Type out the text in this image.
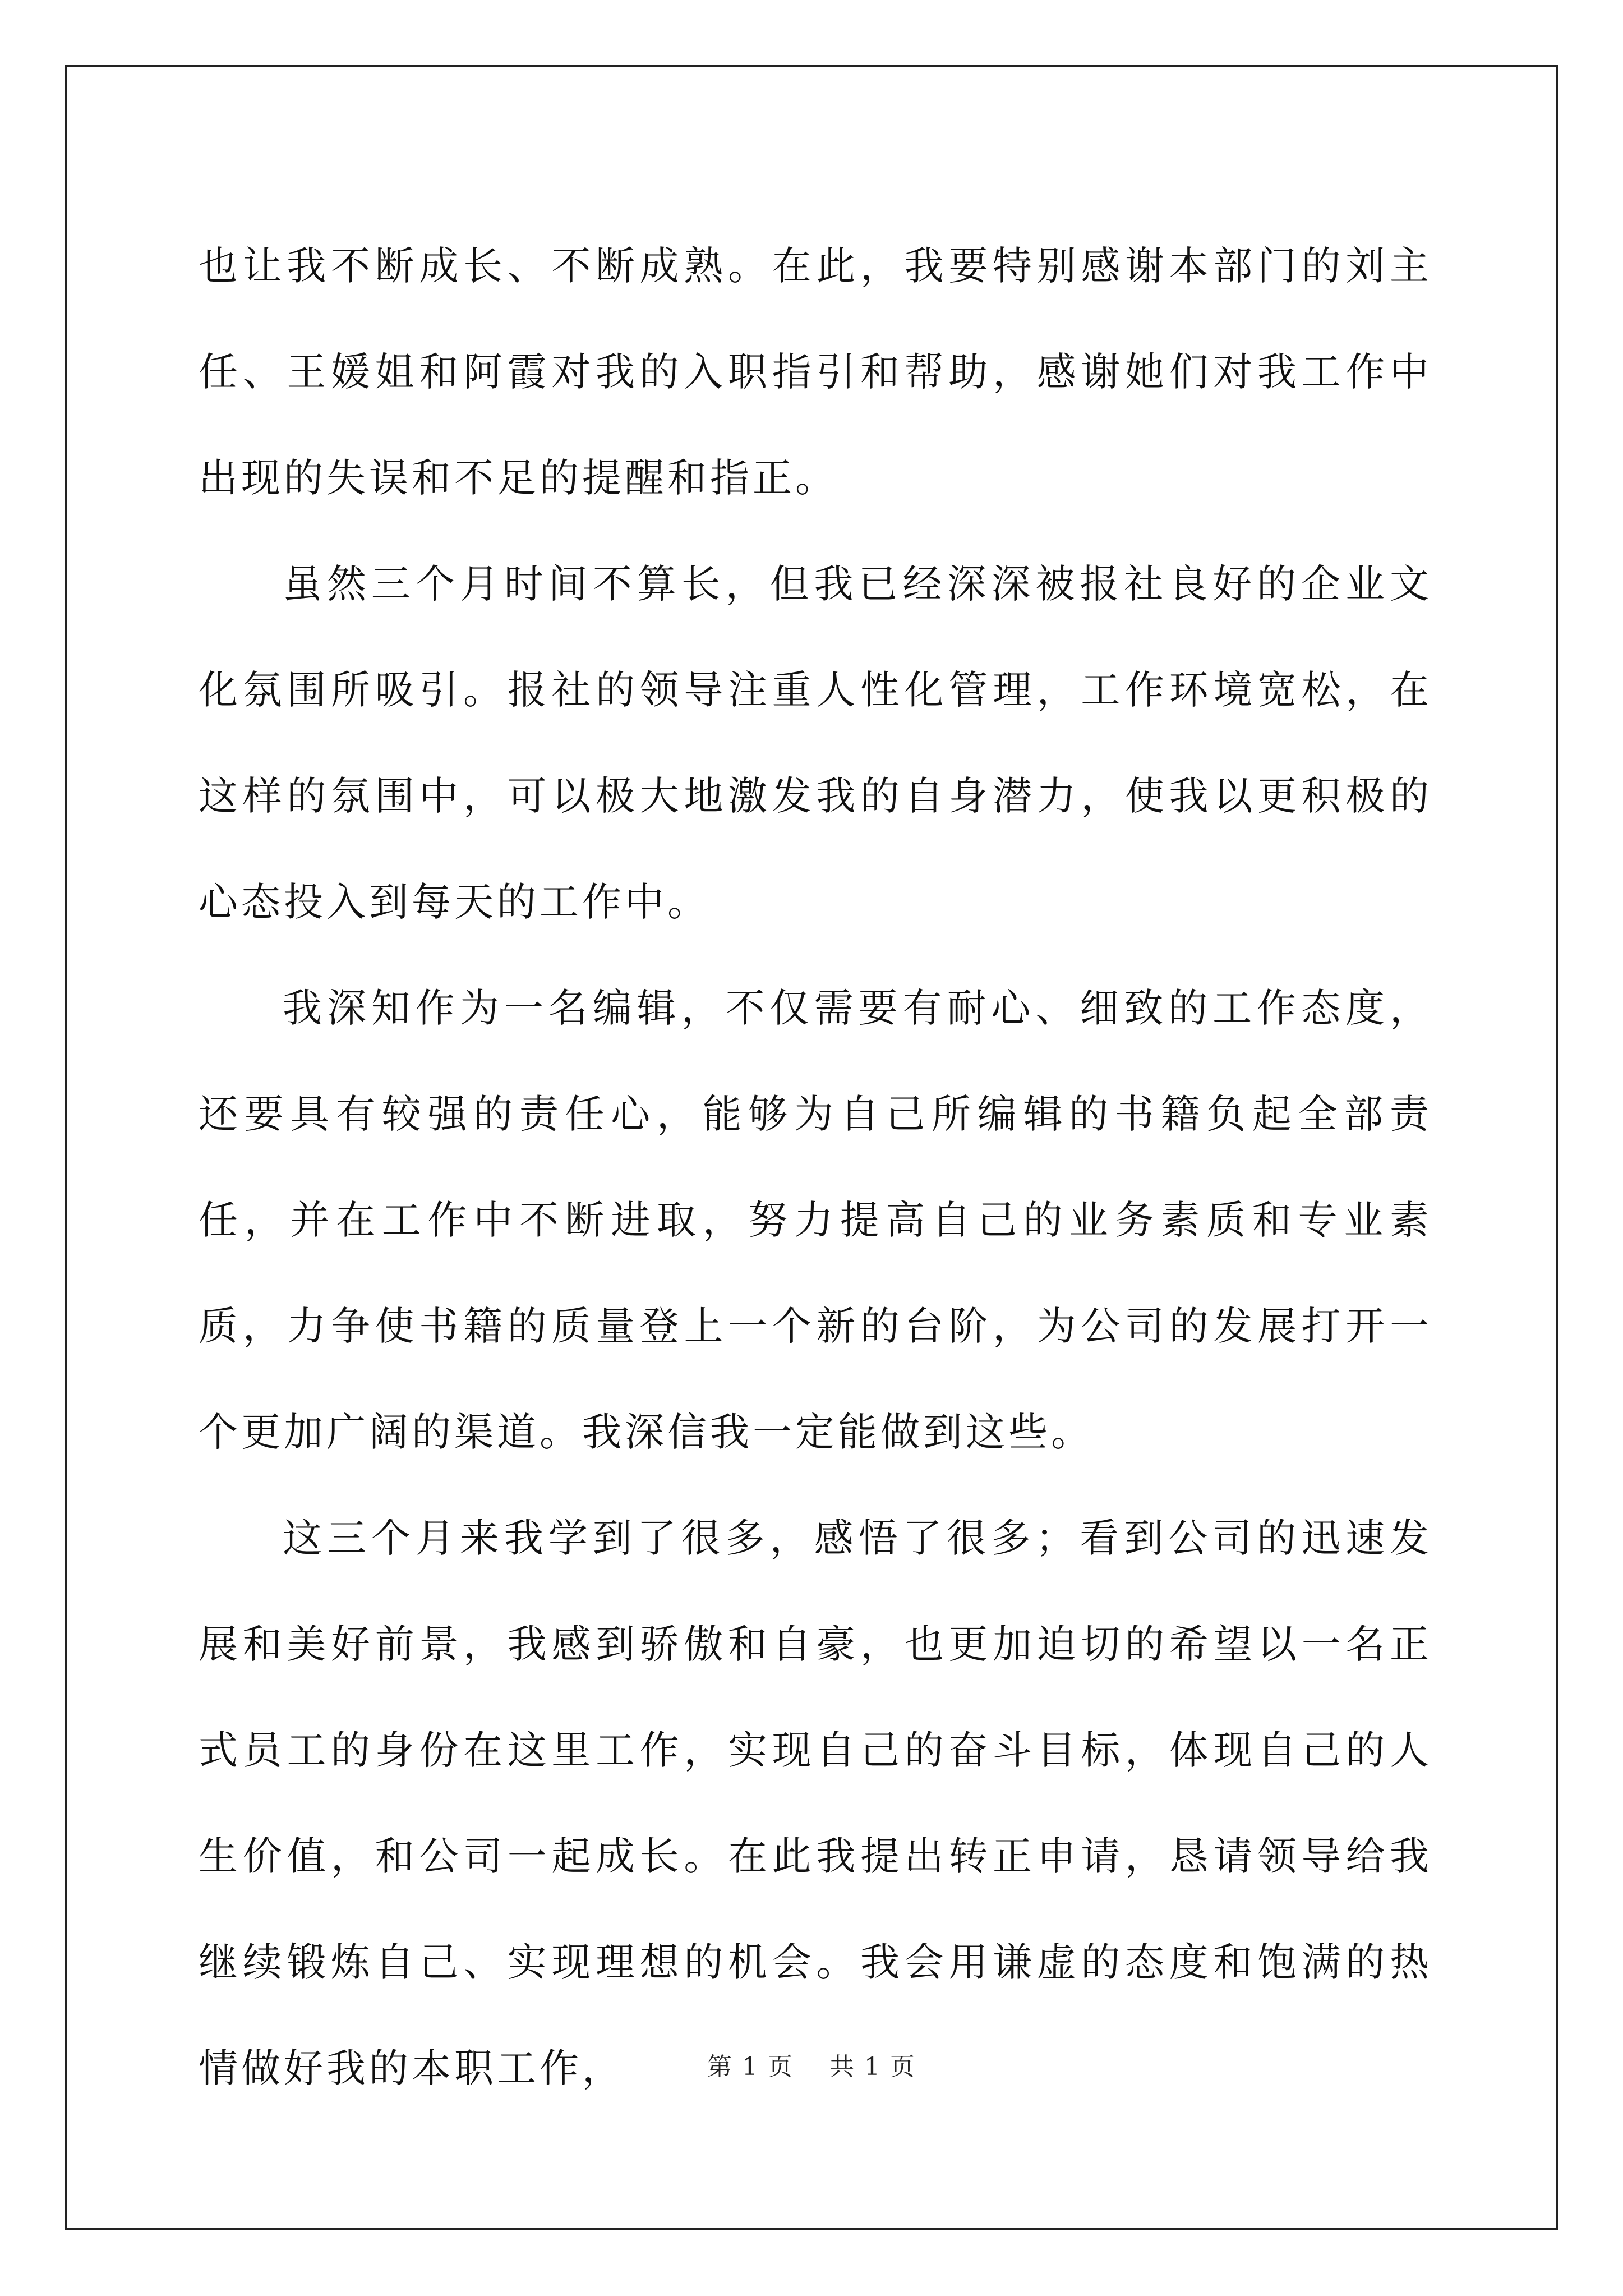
也让我不断成长、不断成熟。在此，我要特别感谢本部门的刘主任、王媛姐和阿霞对我的入职指引和帮助，感谢她们对我工作中出现的失误和不足的提醒和指正。

虽然三个月时间不算长，但我已经深深被报社良好的企业文化氛围所吸引。报社的领导注重人性化管理，工作环境宽松，在这样的氛围中，可以极大地激发我的自身潜力，使我以更积极的心态投入到每天的工作中。

我深知作为一名编辑，不仅需要有耐心、细致的工作态度，还要具有较强的责任心，能够为自己所编辑的书籍负起全部责任，并在工作中不断进取，努力提高自己的业务素质和专业素质，力争使书籍的质量登上一个新的台阶，为公司的发展打开一个更加广阔的渠道。我深信我一定能做到这些。

这三个月来我学到了很多，感悟了很多；看到公司的迅速发展和美好前景，我感到骄傲和自豪，也更加迫切的希望以一名正式员工的身份在这里工作，实现自己的奋斗目标，体现自己的人生价值，和公司一起成长。在此我提出转正申请，恳请领导给我继续锻炼自己、实现理想的机会。我会用谦虚的态度和饱满的热情做好我的本职工作，	第 1 页    共 1 页
